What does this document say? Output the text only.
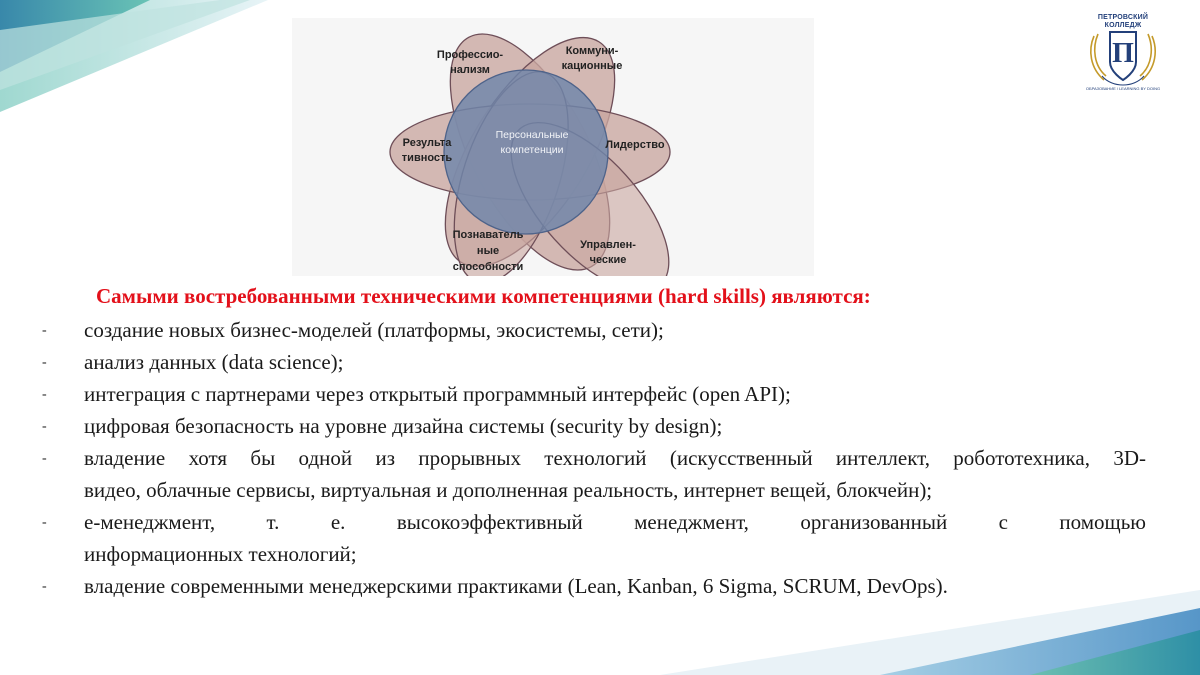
Профессио-нализм
Коммуни-кационные
Лидерство
Управлен-ческие
Познаватель ные способности
Результа тивность
Персональные компетенции
П
ОБРАЗОВАНИЕ / LEARNING BY DOING
ПЕТРОВСКИЙ
КОЛЛЕДЖ
Самыми востребованными техническими компетенциями (hard skills) являются:
- создание новых бизнес-моделей (платформы, экосистемы, сети);
- анализ данных (data science);
- интеграция с партнерами через открытый программный интерфейс (open API);
- цифровая безопасность на уровне дизайна системы (security by design);
- владение хотя бы одной из прорывных технологий (искусственный интеллект, робототехника, 3D-
видео, облачные сервисы, виртуальная и дополненная реальность, интернет вещей, блокчейн);
- е-менеджмент, т. е. высокоэффективный менеджмент, организованный с помощью
информационных технологий;
- владение современными менеджерскими практиками (Lean, Kanban, 6 Sigma, SCRUM, DevOps).
